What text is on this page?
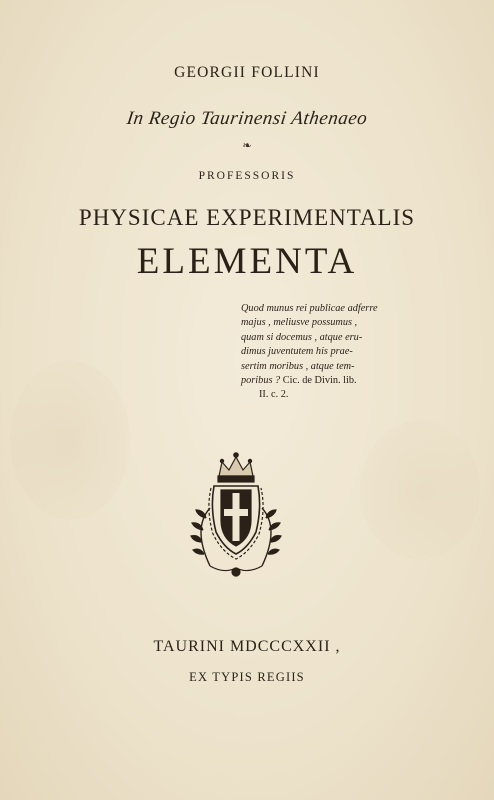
GEORGII FOLLINI
In Regio Taurinensi Athenaeo
❧
PROFESSORIS
PHYSICAE EXPERIMENTALIS
ELEMENTA
Quod munus rei publicae adferre
majus , meliusve possumus ,
quam si docemus , atque eru-
dimus juventutem his prae-
sertim moribus , atque tem-
poribus ? Cic. de Divin. lib.
II. c. 2.
TAURINI MDCCCXXII ,
EX TYPIS REGIIS
